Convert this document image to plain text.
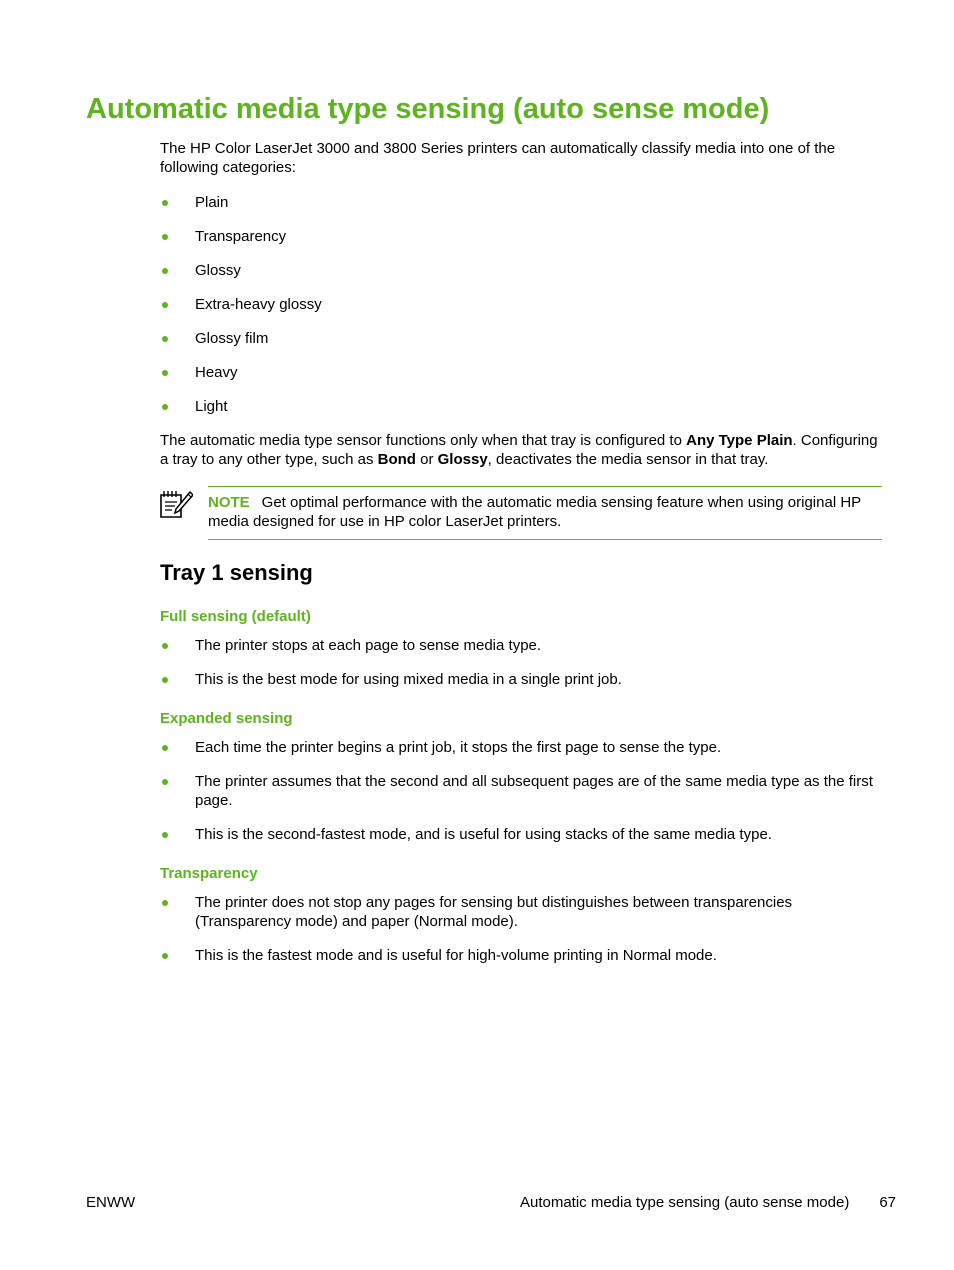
Automatic media type sensing (auto sense mode)

The HP Color LaserJet 3000 and 3800 Series printers can automatically classify media into one of the following categories:

Plain
Transparency
Glossy
Extra-heavy glossy
Glossy film
Heavy
Light

The automatic media type sensor functions only when that tray is configured to Any Type Plain. Configuring a tray to any other type, such as Bond or Glossy, deactivates the media sensor in that tray.

NOTE Get optimal performance with the automatic media sensing feature when using original HP media designed for use in HP color LaserJet printers.

Tray 1 sensing
Full sensing (default)
The printer stops at each page to sense media type.
This is the best mode for using mixed media in a single print job.
Expanded sensing
Each time the printer begins a print job, it stops the first page to sense the type.
The printer assumes that the second and all subsequent pages are of the same media type as the first page.
This is the second-fastest mode, and is useful for using stacks of the same media type.
Transparency
The printer does not stop any pages for sensing but distinguishes between transparencies (Transparency mode) and paper (Normal mode).
This is the fastest mode and is useful for high-volume printing in Normal mode.
ENWW	Automatic media type sensing (auto sense mode) 67
